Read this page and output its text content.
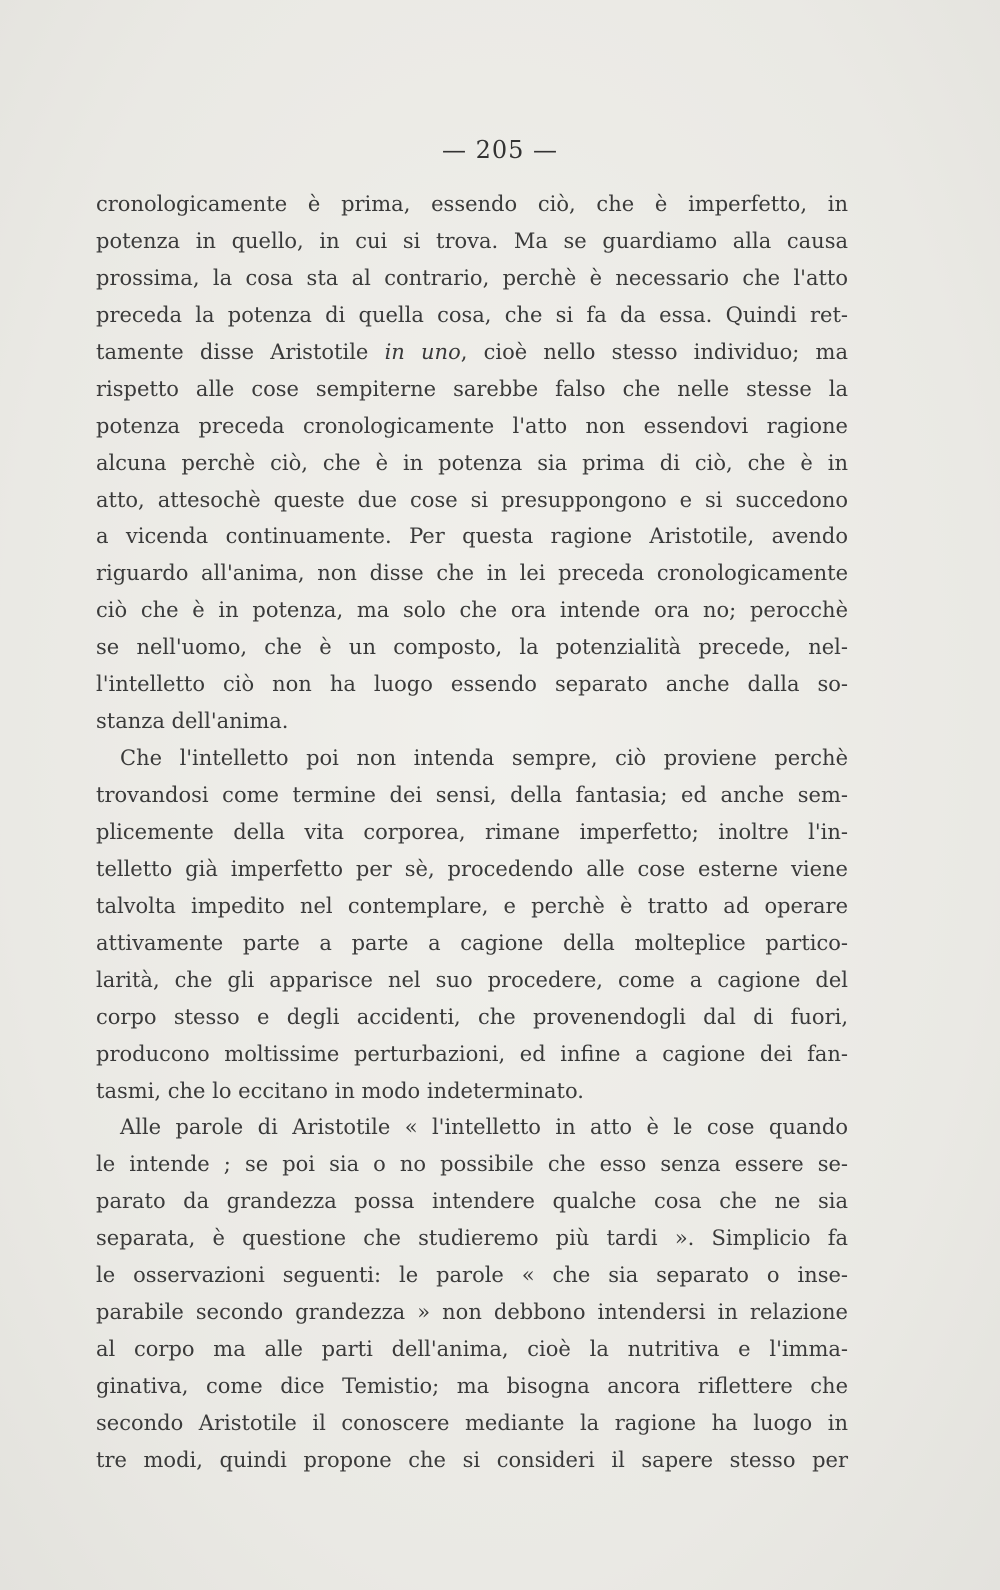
— 205 —
cronologicamente è prima, essendo ciò, che è imperfetto, in
potenza in quello, in cui si trova. Ma se guardiamo alla causa
prossima, la cosa sta al contrario, perchè è necessario che l'atto
preceda la potenza di quella cosa, che si fa da essa. Quindi ret-
tamente disse Aristotile in uno, cioè nello stesso individuo; ma
rispetto alle cose sempiterne sarebbe falso che nelle stesse la
potenza preceda cronologicamente l'atto non essendovi ragione
alcuna perchè ciò, che è in potenza sia prima di ciò, che è in
atto, attesochè queste due cose si presuppongono e si succedono
a vicenda continuamente. Per questa ragione Aristotile, avendo
riguardo all'anima, non disse che in lei preceda cronologicamente
ciò che è in potenza, ma solo che ora intende ora no; perocchè
se nell'uomo, che è un composto, la potenzialità precede, nel-
l'intelletto ciò non ha luogo essendo separato anche dalla so-
stanza dell'anima.
Che l'intelletto poi non intenda sempre, ciò proviene perchè
trovandosi come termine dei sensi, della fantasia; ed anche sem-
plicemente della vita corporea, rimane imperfetto; inoltre l'in-
telletto già imperfetto per sè, procedendo alle cose esterne viene
talvolta impedito nel contemplare, e perchè è tratto ad operare
attivamente parte a parte a cagione della molteplice partico-
larità, che gli apparisce nel suo procedere, come a cagione del
corpo stesso e degli accidenti, che provenendogli dal di fuori,
producono moltissime perturbazioni, ed infine a cagione dei fan-
tasmi, che lo eccitano in modo indeterminato.
Alle parole di Aristotile « l'intelletto in atto è le cose quando
le intende ; se poi sia o no possibile che esso senza essere se-
parato da grandezza possa intendere qualche cosa che ne sia
separata, è questione che studieremo più tardi ». Simplicio fa
le osservazioni seguenti: le parole « che sia separato o inse-
parabile secondo grandezza » non debbono intendersi in relazione
al corpo ma alle parti dell'anima, cioè la nutritiva e l'imma-
ginativa, come dice Temistio; ma bisogna ancora riflettere che
secondo Aristotile il conoscere mediante la ragione ha luogo in
tre modi, quindi propone che si consideri il sapere stesso per
